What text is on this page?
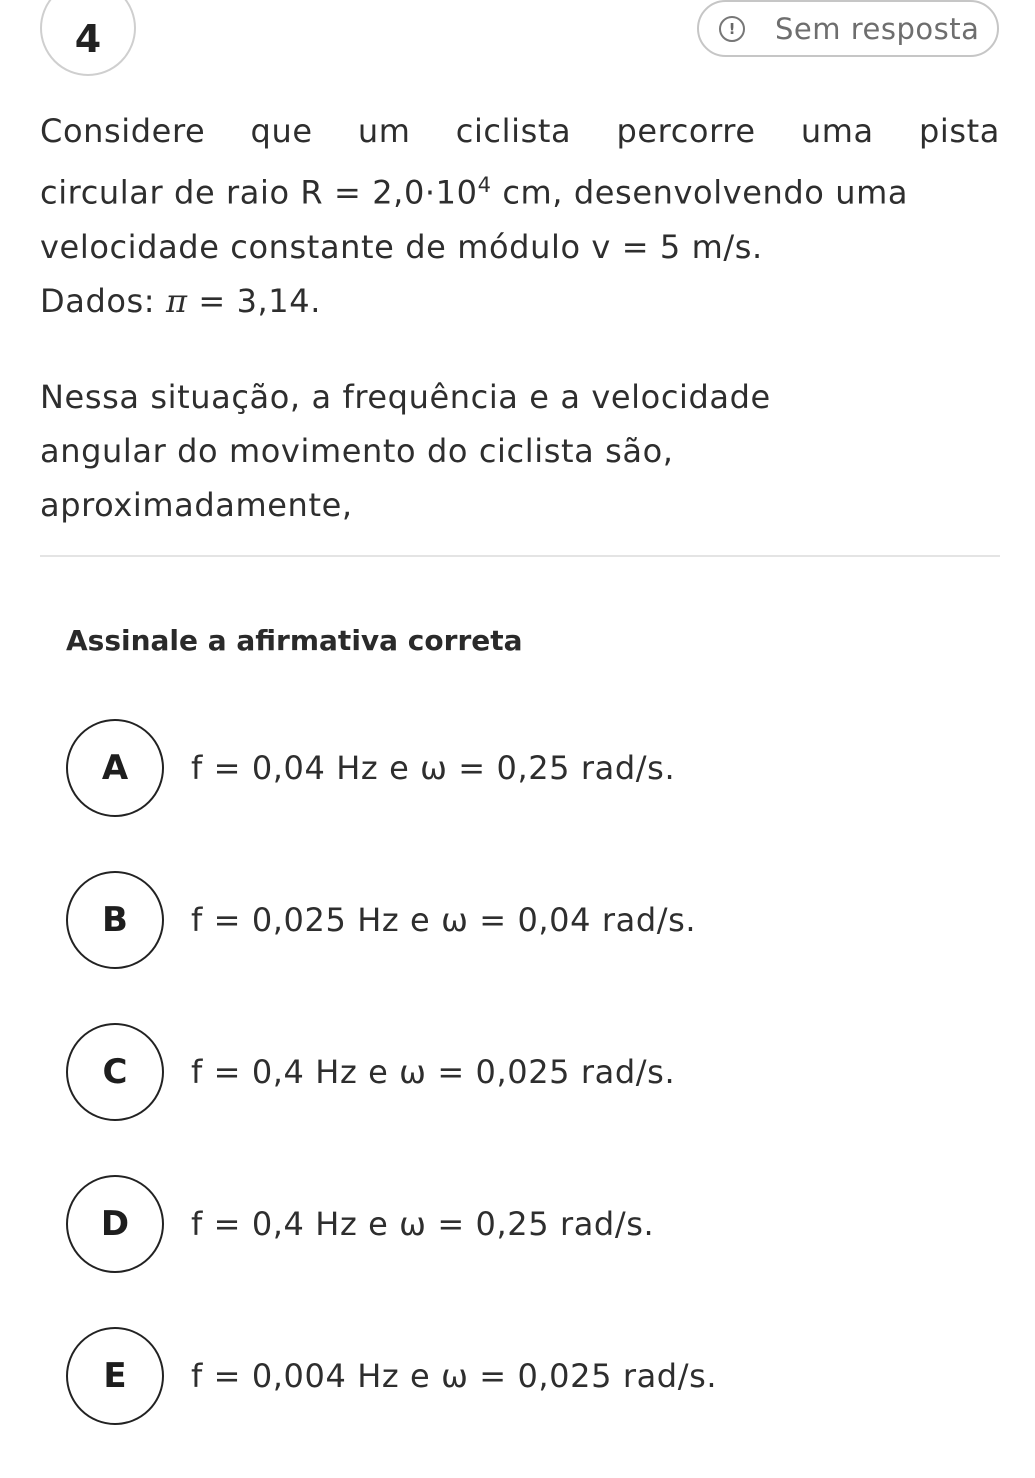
4	!	Sem resposta

Considere que um ciclista percorre uma pista

circular de raio $R = 2,0\cdot 10^4$ cm, desenvolvendo uma

velocidade constante de módulo v = 5 m/s.

Dados: π = 3,14.

Nessa situação, a frequência e a velocidade

angular do movimento do ciclista são,

aproximadamente,

Assinale a afirmativa correta
A	f = 0,04 Hz e ω = 0,25 rad/s.
B	f = 0,025 Hz e ω = 0,04 rad/s.
C	f = 0,4 Hz e ω = 0,025 rad/s.
D	f = 0,4 Hz e ω = 0,25 rad/s.
E	f = 0,004 Hz e ω = 0,025 rad/s.
